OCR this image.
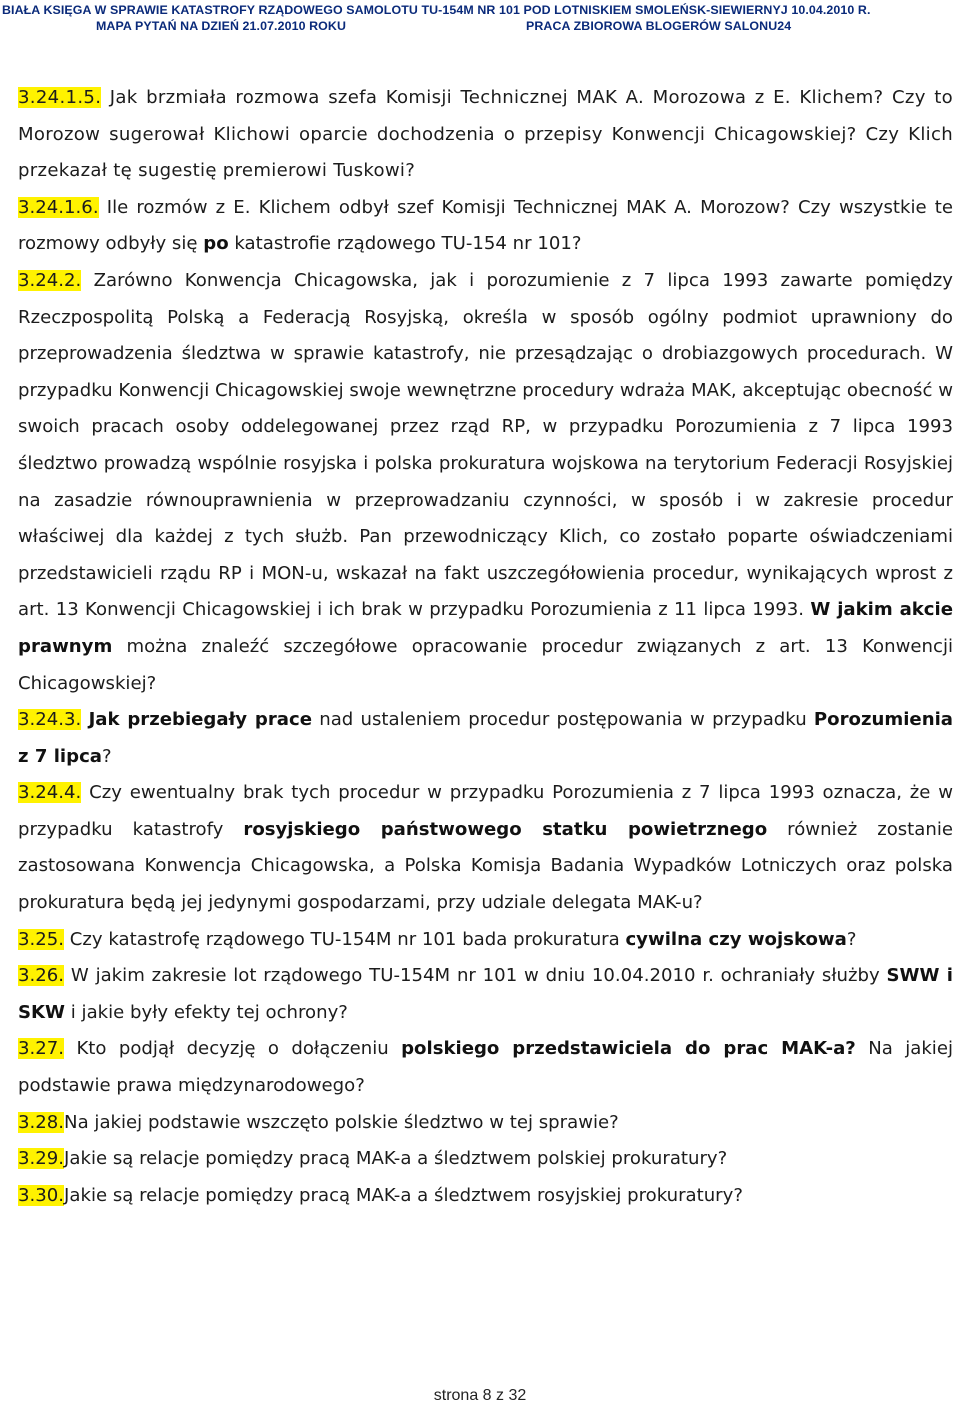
BIAŁA KSIĘGA W SPRAWIE KATASTROFY RZĄDOWEGO SAMOLOTU TU-154M NR 101 POD LOTNISKIEM SMOLEŃSK-SIEWIERNYJ 10.04.2010 R.
MAPA PYTAŃ NA DZIEŃ 21.07.2010 ROKU	PRACA ZBIOROWA BLOGERÓW SALONU24

3.24.1.5. Jak brzmiała rozmowa szefa Komisji Technicznej MAK A. Morozowa z E. Klichem? Czy to Morozow sugerował Klichowi oparcie dochodzenia o przepisy Konwencji Chicagowskiej? Czy Klich przekazał tę sugestię premierowi Tuskowi?

3.24.1.6. Ile rozmów z E. Klichem odbył szef Komisji Technicznej MAK A. Morozow? Czy wszystkie te rozmowy odbyły się po katastrofie rządowego TU-154 nr 101?

3.24.2. Zarówno Konwencja Chicagowska, jak i porozumienie z 7 lipca 1993 zawarte pomiędzy Rzeczpospolitą Polską a Federacją Rosyjską, określa w sposób ogólny podmiot uprawniony do przeprowadzenia śledztwa w sprawie katastrofy, nie przesądzając o drobiazgowych procedurach. W przypadku Konwencji Chicagowskiej swoje wewnętrzne procedury wdraża MAK, akceptując obecność w swoich pracach osoby oddelegowanej przez rząd RP, w przypadku Porozumienia z 7 lipca 1993 śledztwo prowadzą wspólnie rosyjska i polska prokuratura wojskowa na terytorium Federacji Rosyjskiej na zasadzie równouprawnienia w przeprowadzaniu czynności, w sposób i w zakresie procedur właściwej dla każdej z tych służb. Pan przewodniczący Klich, co zostało poparte oświadczeniami przedstawicieli rządu RP i MON-u, wskazał na fakt uszczegółowienia procedur, wynikających wprost z art. 13 Konwencji Chicagowskiej i ich brak w przypadku Porozumienia z 11 lipca 1993. W jakim akcie prawnym można znaleźć szczegółowe opracowanie procedur związanych z art. 13 Konwencji Chicagowskiej?

3.24.3. Jak przebiegały prace nad ustaleniem procedur postępowania w przypadku Porozumienia z 7 lipca?

3.24.4. Czy ewentualny brak tych procedur w przypadku Porozumienia z 7 lipca 1993 oznacza, że w przypadku katastrofy rosyjskiego państwowego statku powietrznego również zostanie zastosowana Konwencja Chicagowska, a Polska Komisja Badania Wypadków Lotniczych oraz polska prokuratura będą jej jedynymi gospodarzami, przy udziale delegata MAK-u?

3.25. Czy katastrofę rządowego TU-154M nr 101 bada prokuratura cywilna czy wojskowa?

3.26. W jakim zakresie lot rządowego TU-154M nr 101 w dniu 10.04.2010 r. ochraniały służby SWW i SKW i jakie były efekty tej ochrony?

3.27. Kto podjął decyzję o dołączeniu polskiego przedstawiciela do prac MAK-a? Na jakiej podstawie prawa międzynarodowego?

3.28.Na jakiej podstawie wszczęto polskie śledztwo w tej sprawie?

3.29.Jakie są relacje pomiędzy pracą MAK-a a śledztwem polskiej prokuratury?

3.30.Jakie są relacje pomiędzy pracą MAK-a a śledztwem rosyjskiej prokuratury?

strona 8 z 32
